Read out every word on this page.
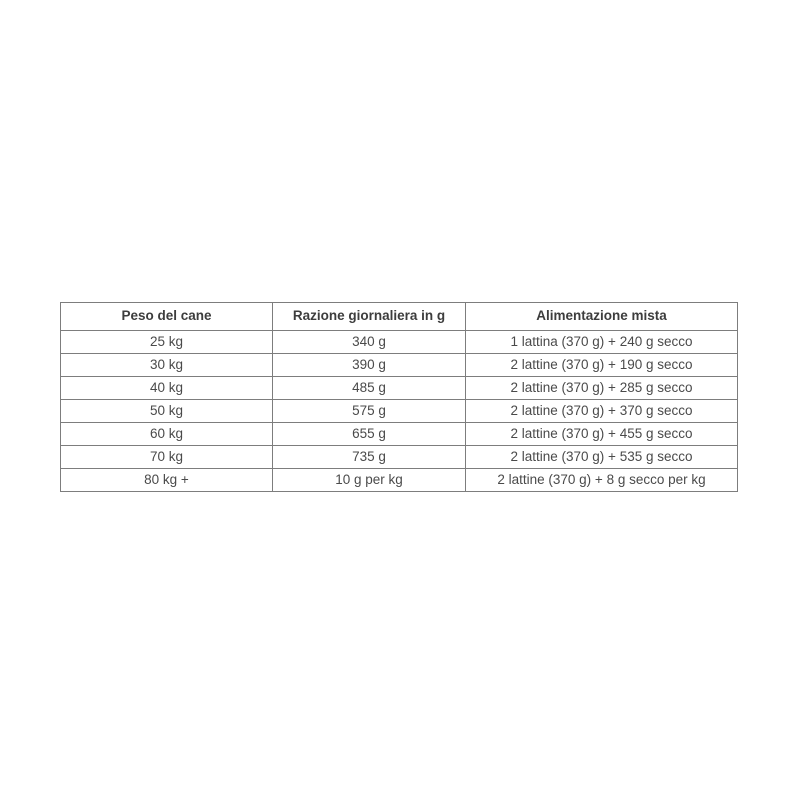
Peso del cane	Razione giornaliera in g	Alimentazione mista
25 kg	340 g	1 lattina (370 g) + 240 g secco
30 kg	390 g	2 lattine (370 g) + 190 g secco
40 kg	485 g	2 lattine (370 g) + 285 g secco
50 kg	575 g	2 lattine (370 g) + 370 g secco
60 kg	655 g	2 lattine (370 g) + 455 g secco
70 kg	735 g	2 lattine (370 g) + 535 g secco
80 kg +	10 g per kg	2 lattine (370 g) + 8 g secco per kg
